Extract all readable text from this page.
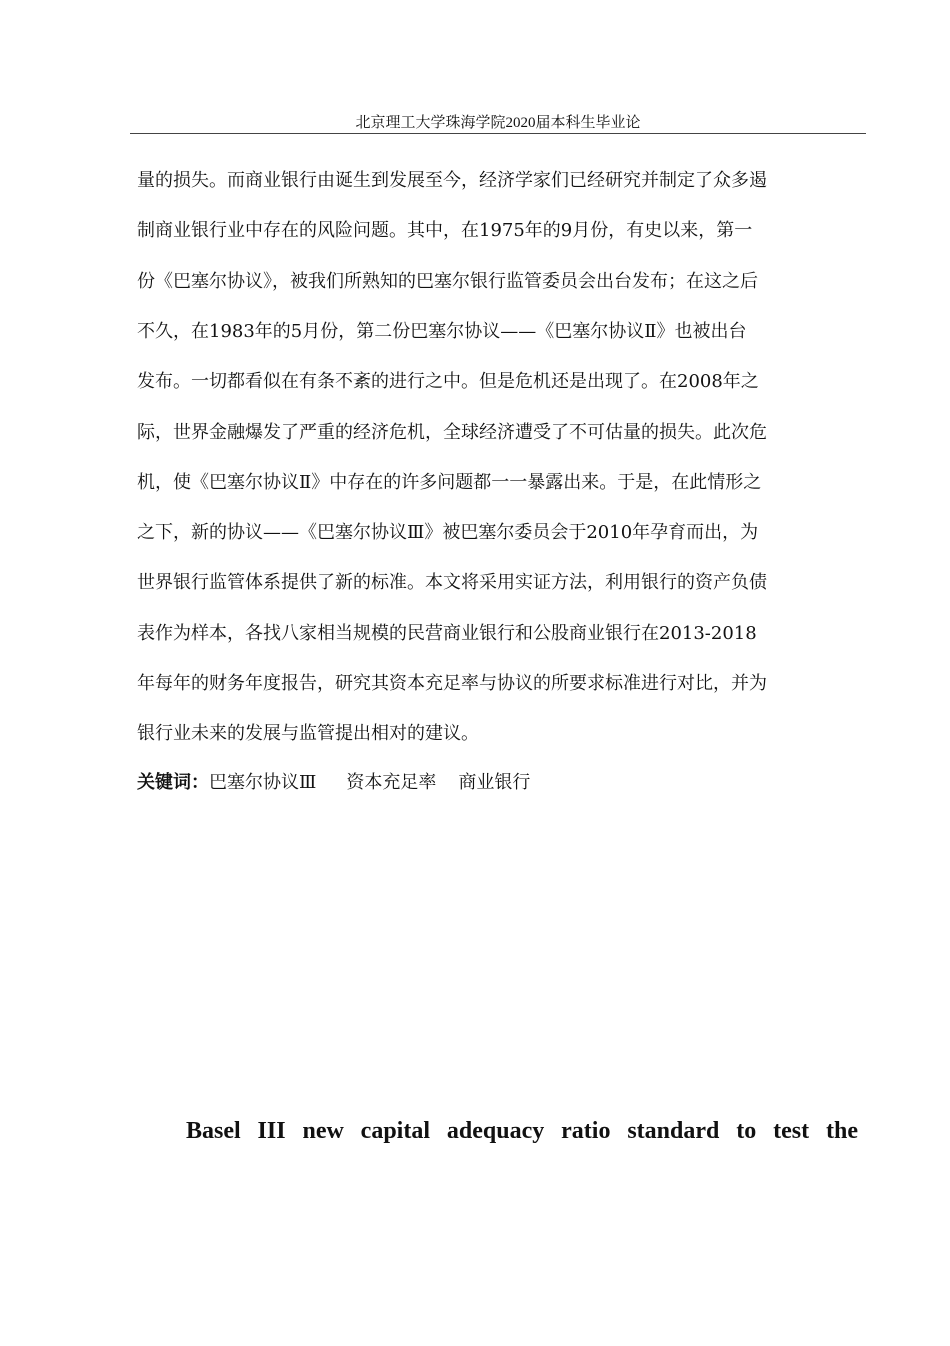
北京理工大学珠海学院2020届本科生毕业论
量的损失。而商业银行由诞生到发展至今，经济学家们已经研究并制定了众多遏
制商业银行业中存在的风险问题。其中，在1975年的9月份，有史以来，第一
份《巴塞尔协议》，被我们所熟知的巴塞尔银行监管委员会出台发布；在这之后
不久，在1983年的5月份，第二份巴塞尔协议——《巴塞尔协议Ⅱ》也被出台
发布。一切都看似在有条不紊的进行之中。但是危机还是出现了。在2008年之
际，世界金融爆发了严重的经济危机，全球经济遭受了不可估量的损失。此次危
机，使《巴塞尔协议Ⅱ》中存在的许多问题都一一暴露出来。于是，在此情形之
之下，新的协议——《巴塞尔协议Ⅲ》被巴塞尔委员会于2010年孕育而出，为
世界银行监管体系提供了新的标准。本文将采用实证方法，利用银行的资产负债
表作为样本，各找八家相当规模的民营商业银行和公股商业银行在2013-2018
年每年的财务年度报告，研究其资本充足率与协议的所要求标准进行对比，并为
银行业未来的发展与监管提出相对的建议。
关键词：巴塞尔协议Ⅲ 资本充足率 商业银行
Basel III new capital adequacy ratio standard to test the
